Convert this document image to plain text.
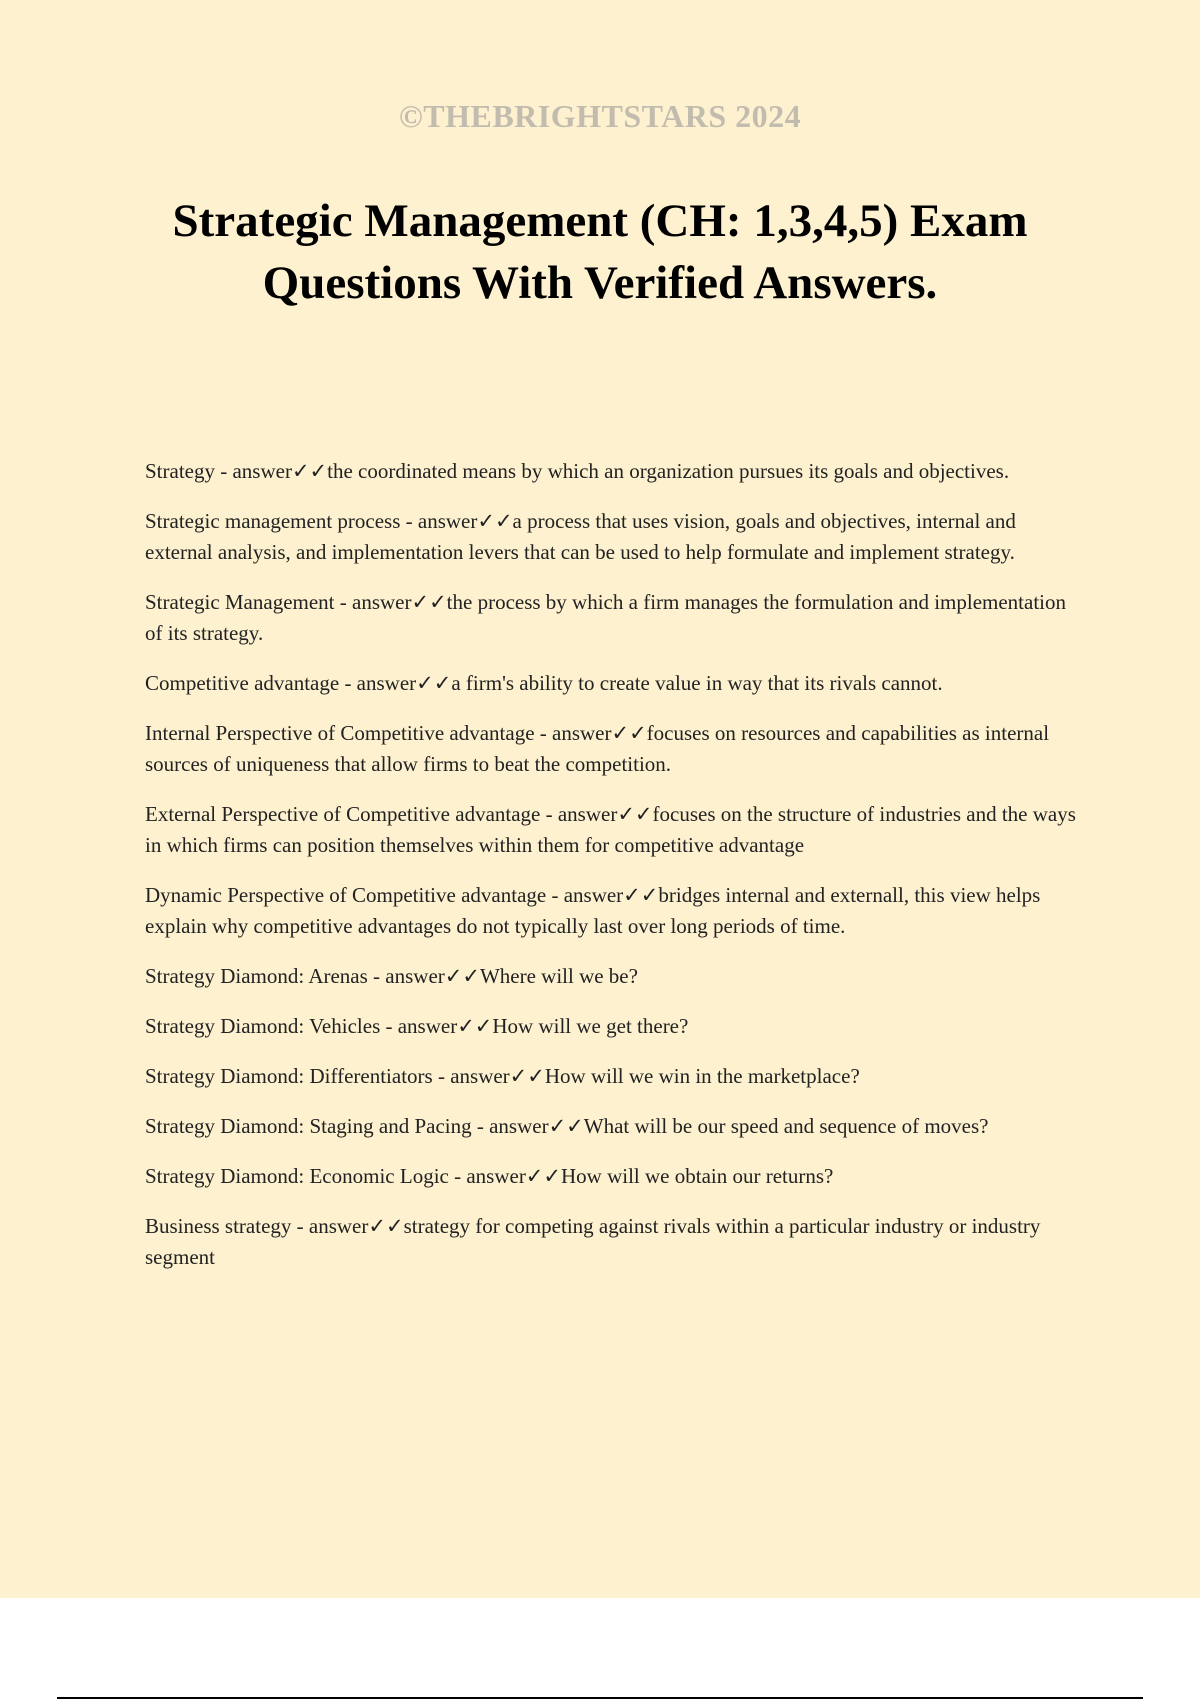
©THEBRIGHTSTARS 2024
Strategic Management (CH: 1,3,4,5) Exam Questions With Verified Answers.

Strategy - answer✓✓the coordinated means by which an organization pursues its goals and objectives.

Strategic management process - answer✓✓a process that uses vision, goals and objectives, internal and external analysis, and implementation levers that can be used to help formulate and implement strategy.

Strategic Management - answer✓✓the process by which a firm manages the formulation and implementation of its strategy.

Competitive advantage - answer✓✓a firm's ability to create value in way that its rivals cannot.

Internal Perspective of Competitive advantage - answer✓✓focuses on resources and capabilities as internal sources of uniqueness that allow firms to beat the competition.

External Perspective of Competitive advantage - answer✓✓focuses on the structure of industries and the ways in which firms can position themselves within them for competitive advantage

Dynamic Perspective of Competitive advantage - answer✓✓bridges internal and externall, this view helps explain why competitive advantages do not typically last over long periods of time.

Strategy Diamond: Arenas - answer✓✓Where will we be?

Strategy Diamond: Vehicles - answer✓✓How will we get there?

Strategy Diamond: Differentiators - answer✓✓How will we win in the marketplace?

Strategy Diamond: Staging and Pacing - answer✓✓What will be our speed and sequence of moves?

Strategy Diamond: Economic Logic - answer✓✓How will we obtain our returns?

Business strategy - answer✓✓strategy for competing against rivals within a particular industry or industry segment
